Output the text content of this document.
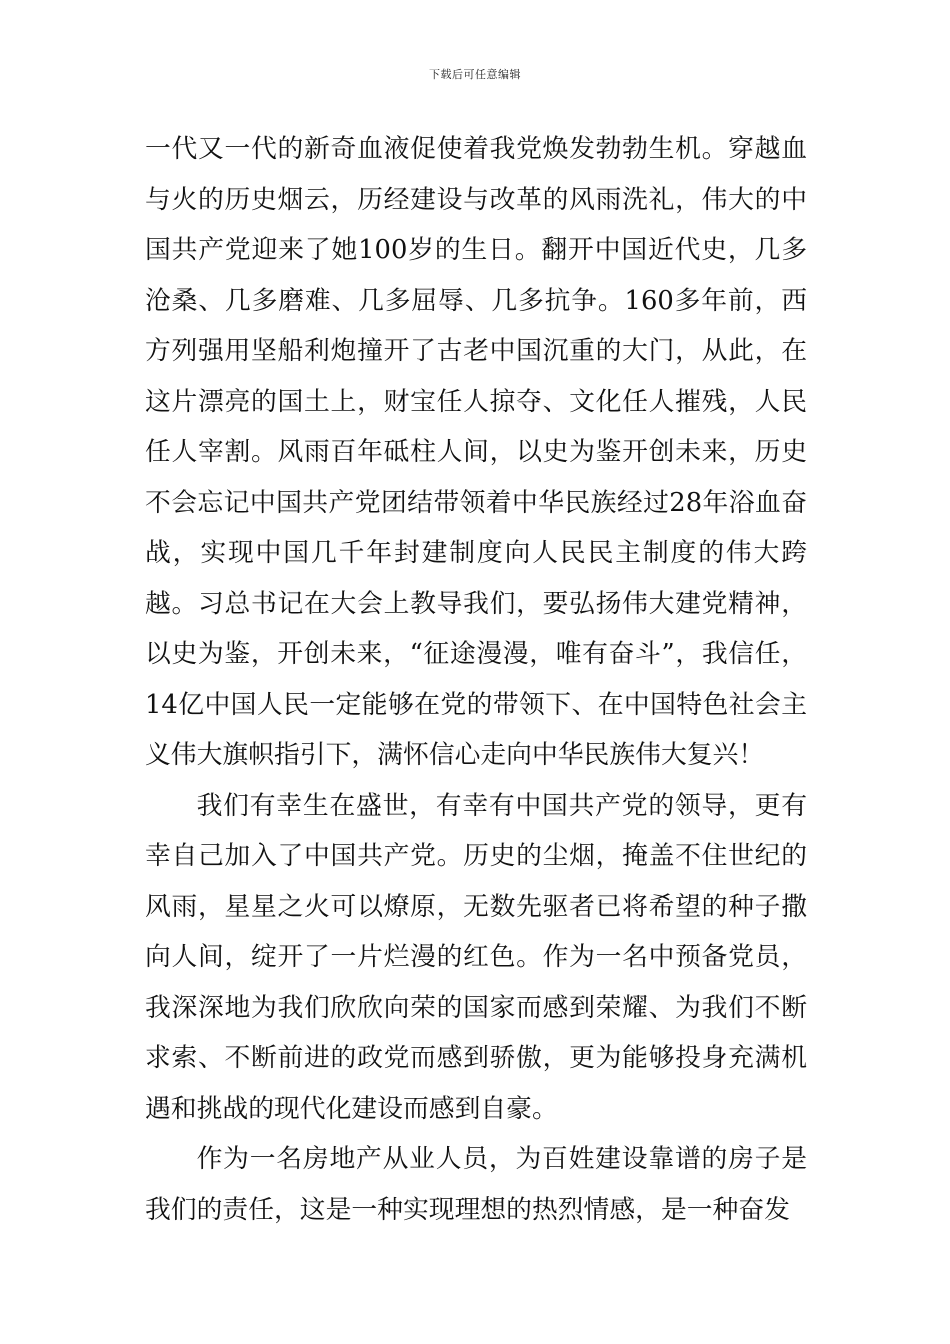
下载后可任意编辑

一代又一代的新奇血液促使着我党焕发勃勃生机。穿越血与火的历史烟云，历经建设与改革的风雨洗礼，伟大的中国共产党迎来了她100岁的生日。翻开中国近代史，几多沧桑、几多磨难、几多屈辱、几多抗争。160多年前，西方列强用坚船利炮撞开了古老中国沉重的大门，从此，在这片漂亮的国土上，财宝任人掠夺、文化任人摧残，人民任人宰割。风雨百年砥柱人间，以史为鉴开创未来，历史不会忘记中国共产党团结带领着中华民族经过28年浴血奋战，实现中国几千年封建制度向人民民主制度的伟大跨越。习总书记在大会上教导我们，要弘扬伟大建党精神，以史为鉴，开创未来，“征途漫漫，唯有奋斗”，我信任，14亿中国人民一定能够在党的带领下、在中国特色社会主义伟大旗帜指引下，满怀信心走向中华民族伟大复兴！

我们有幸生在盛世，有幸有中国共产党的领导，更有幸自己加入了中国共产党。历史的尘烟，掩盖不住世纪的风雨，星星之火可以燎原，无数先驱者已将希望的种子撒向人间，绽开了一片烂漫的红色。作为一名中预备党员，我深深地为我们欣欣向荣的国家而感到荣耀、为我们不断求索、不断前进的政党而感到骄傲，更为能够投身充满机遇和挑战的现代化建设而感到自豪。

作为一名房地产从业人员，为百姓建设靠谱的房子是我们的责任，这是一种实现理想的热烈情感，是一种奋发
